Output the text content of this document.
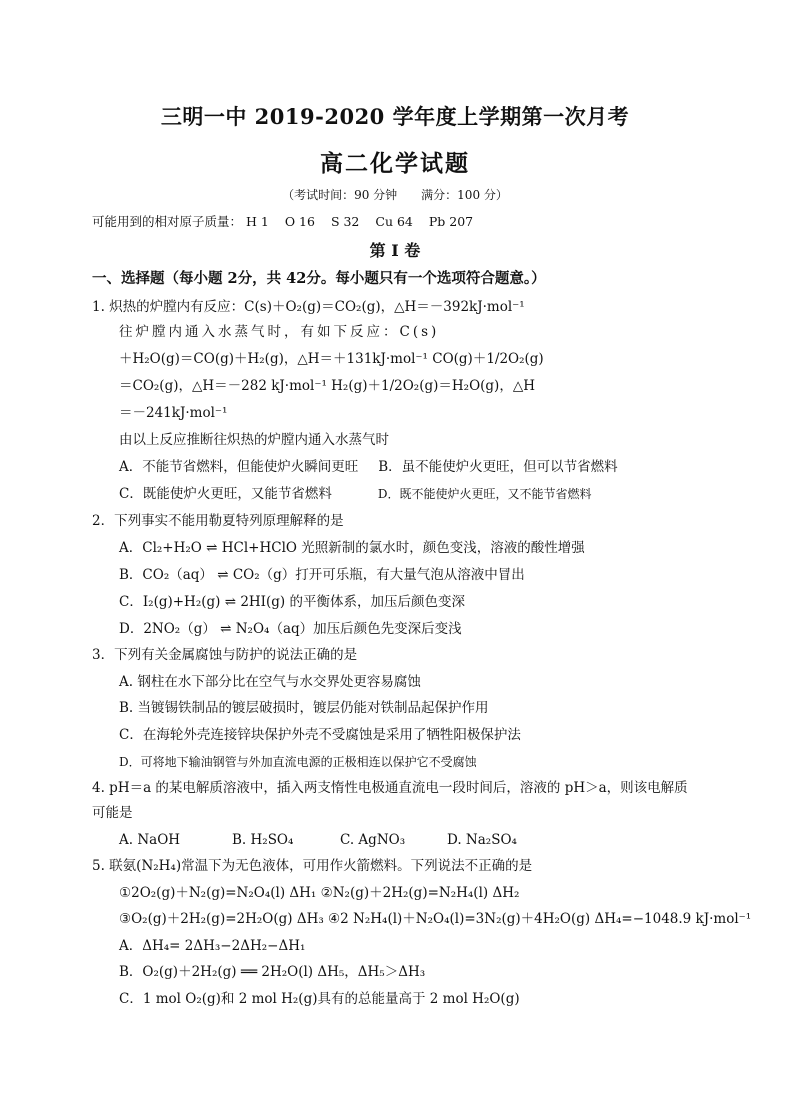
三明一中 2019-2020 学年度上学期第一次月考
高二化学试题
（考试时间：90 分钟 满分：100 分）
可能用到的相对原子质量： H 1 O 16 S 32 Cu 64 Pb 207
第 I 卷
一、选择题（每小题 2分，共 42分。每小题只有一个选项符合题意。）
1. 炽热的炉膛内有反应：C(s)＋O₂(g)＝CO₂(g)，△H＝－392kJ·mol⁻¹
往炉膛内通入水蒸气时，有如下反应：C(s)
＋H₂O(g)＝CO(g)＋H₂(g)，△H＝＋131kJ·mol⁻¹ CO(g)＋1/2O₂(g)
＝CO₂(g)，△H＝－282 kJ·mol⁻¹ H₂(g)＋1/2O₂(g)＝H₂O(g)，△H
＝－241kJ·mol⁻¹
由以上反应推断往炽热的炉膛内通入水蒸气时
A．不能节省燃料，但能使炉火瞬间更旺 B．虽不能使炉火更旺，但可以节省燃料
C．既能使炉火更旺，又能节省燃料	D．既不能使炉火更旺，又不能节省燃料
2．下列事实不能用勒夏特列原理解释的是
A．Cl₂+H₂O ⇌ HCl+HClO 光照新制的氯水时，颜色变浅，溶液的酸性增强
B．CO₂（aq） ⇌ CO₂（g）打开可乐瓶，有大量气泡从溶液中冒出
C．I₂(g)+H₂(g) ⇌ 2HI(g) 的平衡体系，加压后颜色变深
D．2NO₂（g） ⇌ N₂O₄（aq）加压后颜色先变深后变浅
3．下列有关金属腐蚀与防护的说法正确的是
A. 钢柱在水下部分比在空气与水交界处更容易腐蚀
B. 当镀锡铁制品的镀层破损时，镀层仍能对铁制品起保护作用
C．在海轮外壳连接锌块保护外壳不受腐蚀是采用了牺牲阳极保护法
D．可将地下输油钢管与外加直流电源的正极相连以保护它不受腐蚀
4. pH＝a 的某电解质溶液中，插入两支惰性电极通直流电一段时间后，溶液的 pH＞a，则该电解质
可能是
A. NaOH	B. H₂SO₄	C. AgNO₃	D. Na₂SO₄
5. 联氨(N₂H₄)常温下为无色液体，可用作火箭燃料。下列说法不正确的是
①2O₂(g)＋N₂(g)=N₂O₄(l) ΔH₁ ②N₂(g)＋2H₂(g)=N₂H₄(l) ΔH₂
③O₂(g)＋2H₂(g)=2H₂O(g) ΔH₃ ④2 N₂H₄(l)＋N₂O₄(l)=3N₂(g)＋4H₂O(g) ΔH₄=−1048.9 kJ·mol⁻¹
A．ΔH₄= 2ΔH₃−2ΔH₂−ΔH₁
B．O₂(g)＋2H₂(g) ══ 2H₂O(l) ΔH₅，ΔH₅＞ΔH₃
C．1 mol O₂(g)和 2 mol H₂(g)具有的总能量高于 2 mol H₂O(g)
